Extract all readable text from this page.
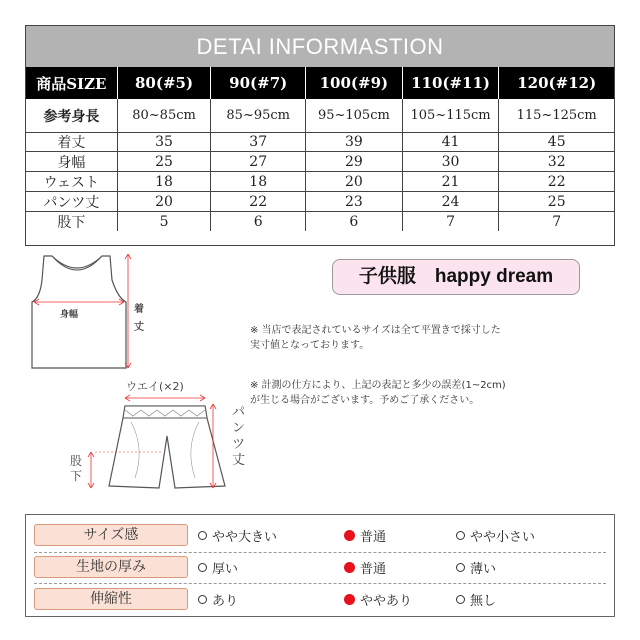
DETAI INFORMASTION
商品SIZE	80(#5)	90(#7)	100(#9)	110(#11)	120(#12)
参考身長	80~85cm	85~95cm	95~105cm	105~115cm	115~125cm
着丈	35	37	39	41	45
身幅	25	27	29	30	32
ウェスト	18	18	20	21	22
パンツ丈	20	22	23	24	25
股下	5	6	6	7	7
身幅	着
丈
ウエイ(×2)
パ
ン
ツ
丈
股
下
子供服　happy dream
※ 当店で表記されているサイズは全て平置きで採寸した
実寸値となっております。
※ 計測の仕方により、上記の表記と多少の誤差(1~2cm)
が生じる場合がございます。予めご了承ください。
サイズ感	やや大きい	普通	やや小さい
生地の厚み	厚い	普通	薄い
伸縮性	あり	ややあり	無し
